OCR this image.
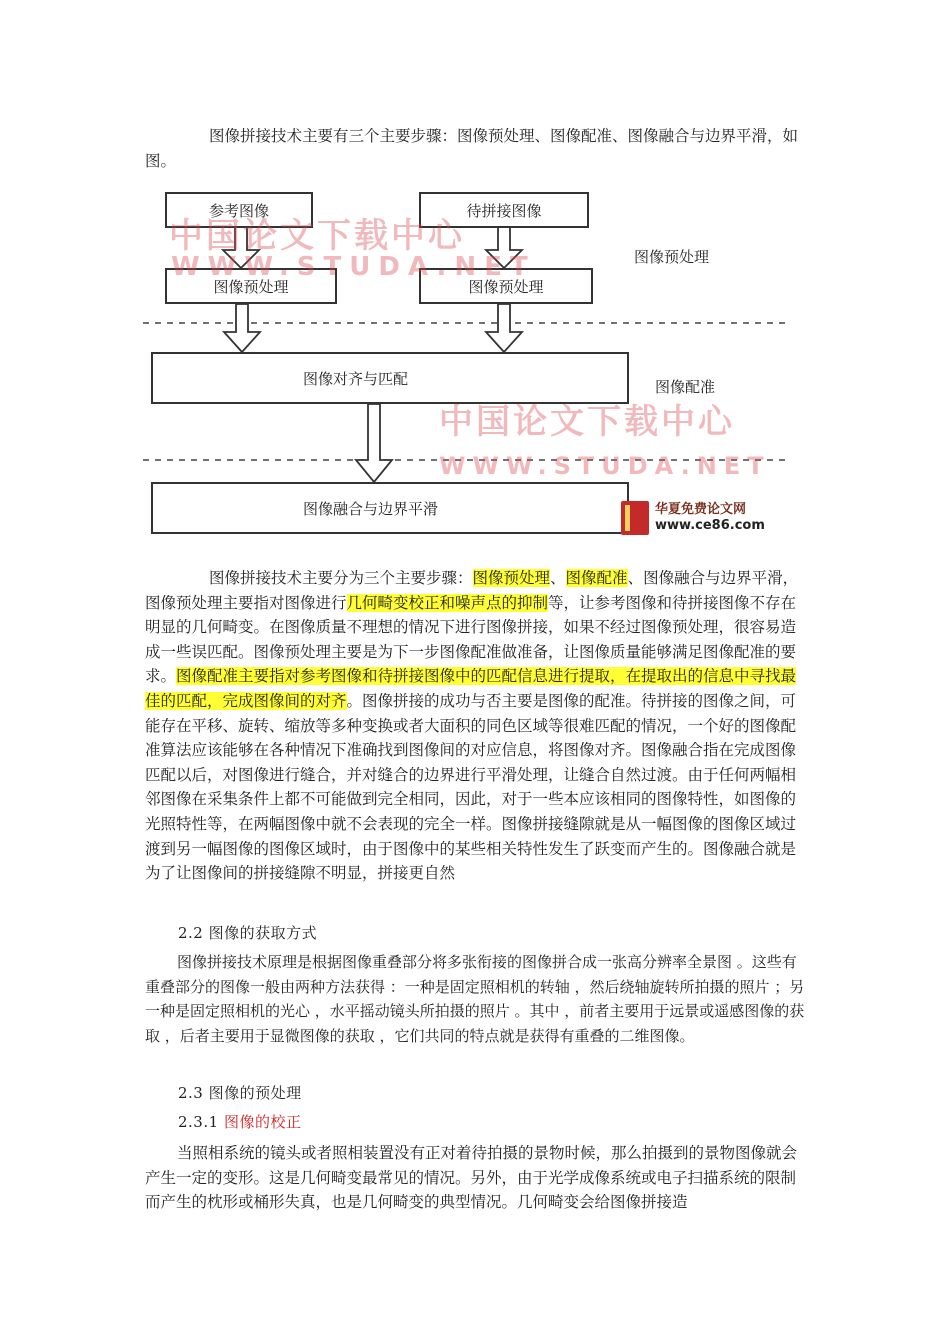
图像拼接技术主要有三个主要步骤：图像预处理、图像配准、图像融合与边界平滑，如图。

参考图像	待拼接图像
图像预处理	图像预处理
图像对齐与匹配
图像融合与边界平滑
图像预处理
图像配准
中国论文下载中心
WWW.STUDA.NET
中国论文下载中心
WWW.STUDA.NET
华夏免费论文网
www.ce86.com

图像拼接技术主要分为三个主要步骤：图像预处理、图像配准、图像融合与边界平滑，图像预处理主要指对图像进行几何畸变校正和噪声点的抑制等，让参考图像和待拼接图像不存在明显的几何畸变。在图像质量不理想的情况下进行图像拼接，如果不经过图像预处理，很容易造成一些误匹配。图像预处理主要是为下一步图像配准做准备，让图像质量能够满足图像配准的要求。图像配准主要指对参考图像和待拼接图像中的匹配信息进行提取，在提取出的信息中寻找最佳的匹配，完成图像间的对齐。图像拼接的成功与否主要是图像的配准。待拼接的图像之间，可能存在平移、旋转、缩放等多种变换或者大面积的同色区域等很难匹配的情况，一个好的图像配准算法应该能够在各种情况下准确找到图像间的对应信息，将图像对齐。图像融合指在完成图像匹配以后，对图像进行缝合，并对缝合的边界进行平滑处理，让缝合自然过渡。由于任何两幅相邻图像在采集条件上都不可能做到完全相同，因此，对于一些本应该相同的图像特性，如图像的光照特性等，在两幅图像中就不会表现的完全一样。图像拼接缝隙就是从一幅图像的图像区域过渡到另一幅图像的图像区域时，由于图像中的某些相关特性发生了跃变而产生的。图像融合就是为了让图像间的拼接缝隙不明显，拼接更自然

2.2 图像的获取方式

图像拼接技术原理是根据图像重叠部分将多张衔接的图像拼合成一张高分辨率全景图 。这些有重叠部分的图像一般由两种方法获得 ：一种是固定照相机的转轴 ，然后绕轴旋转所拍摄的照片 ；另一种是固定照相机的光心 ，水平摇动镜头所拍摄的照片 。其中 ，前者主要用于远景或遥感图像的获取 ，后者主要用于显微图像的获取 ，它们共同的特点就是获得有重叠的二维图像。

2.3 图像的预处理

2.3.1 图像的校正

当照相系统的镜头或者照相装置没有正对着待拍摄的景物时候，那么拍摄到的景物图像就会产生一定的变形。这是几何畸变最常见的情况。另外，由于光学成像系统或电子扫描系统的限制而产生的枕形或桶形失真，也是几何畸变的典型情况。几何畸变会给图像拼接造
